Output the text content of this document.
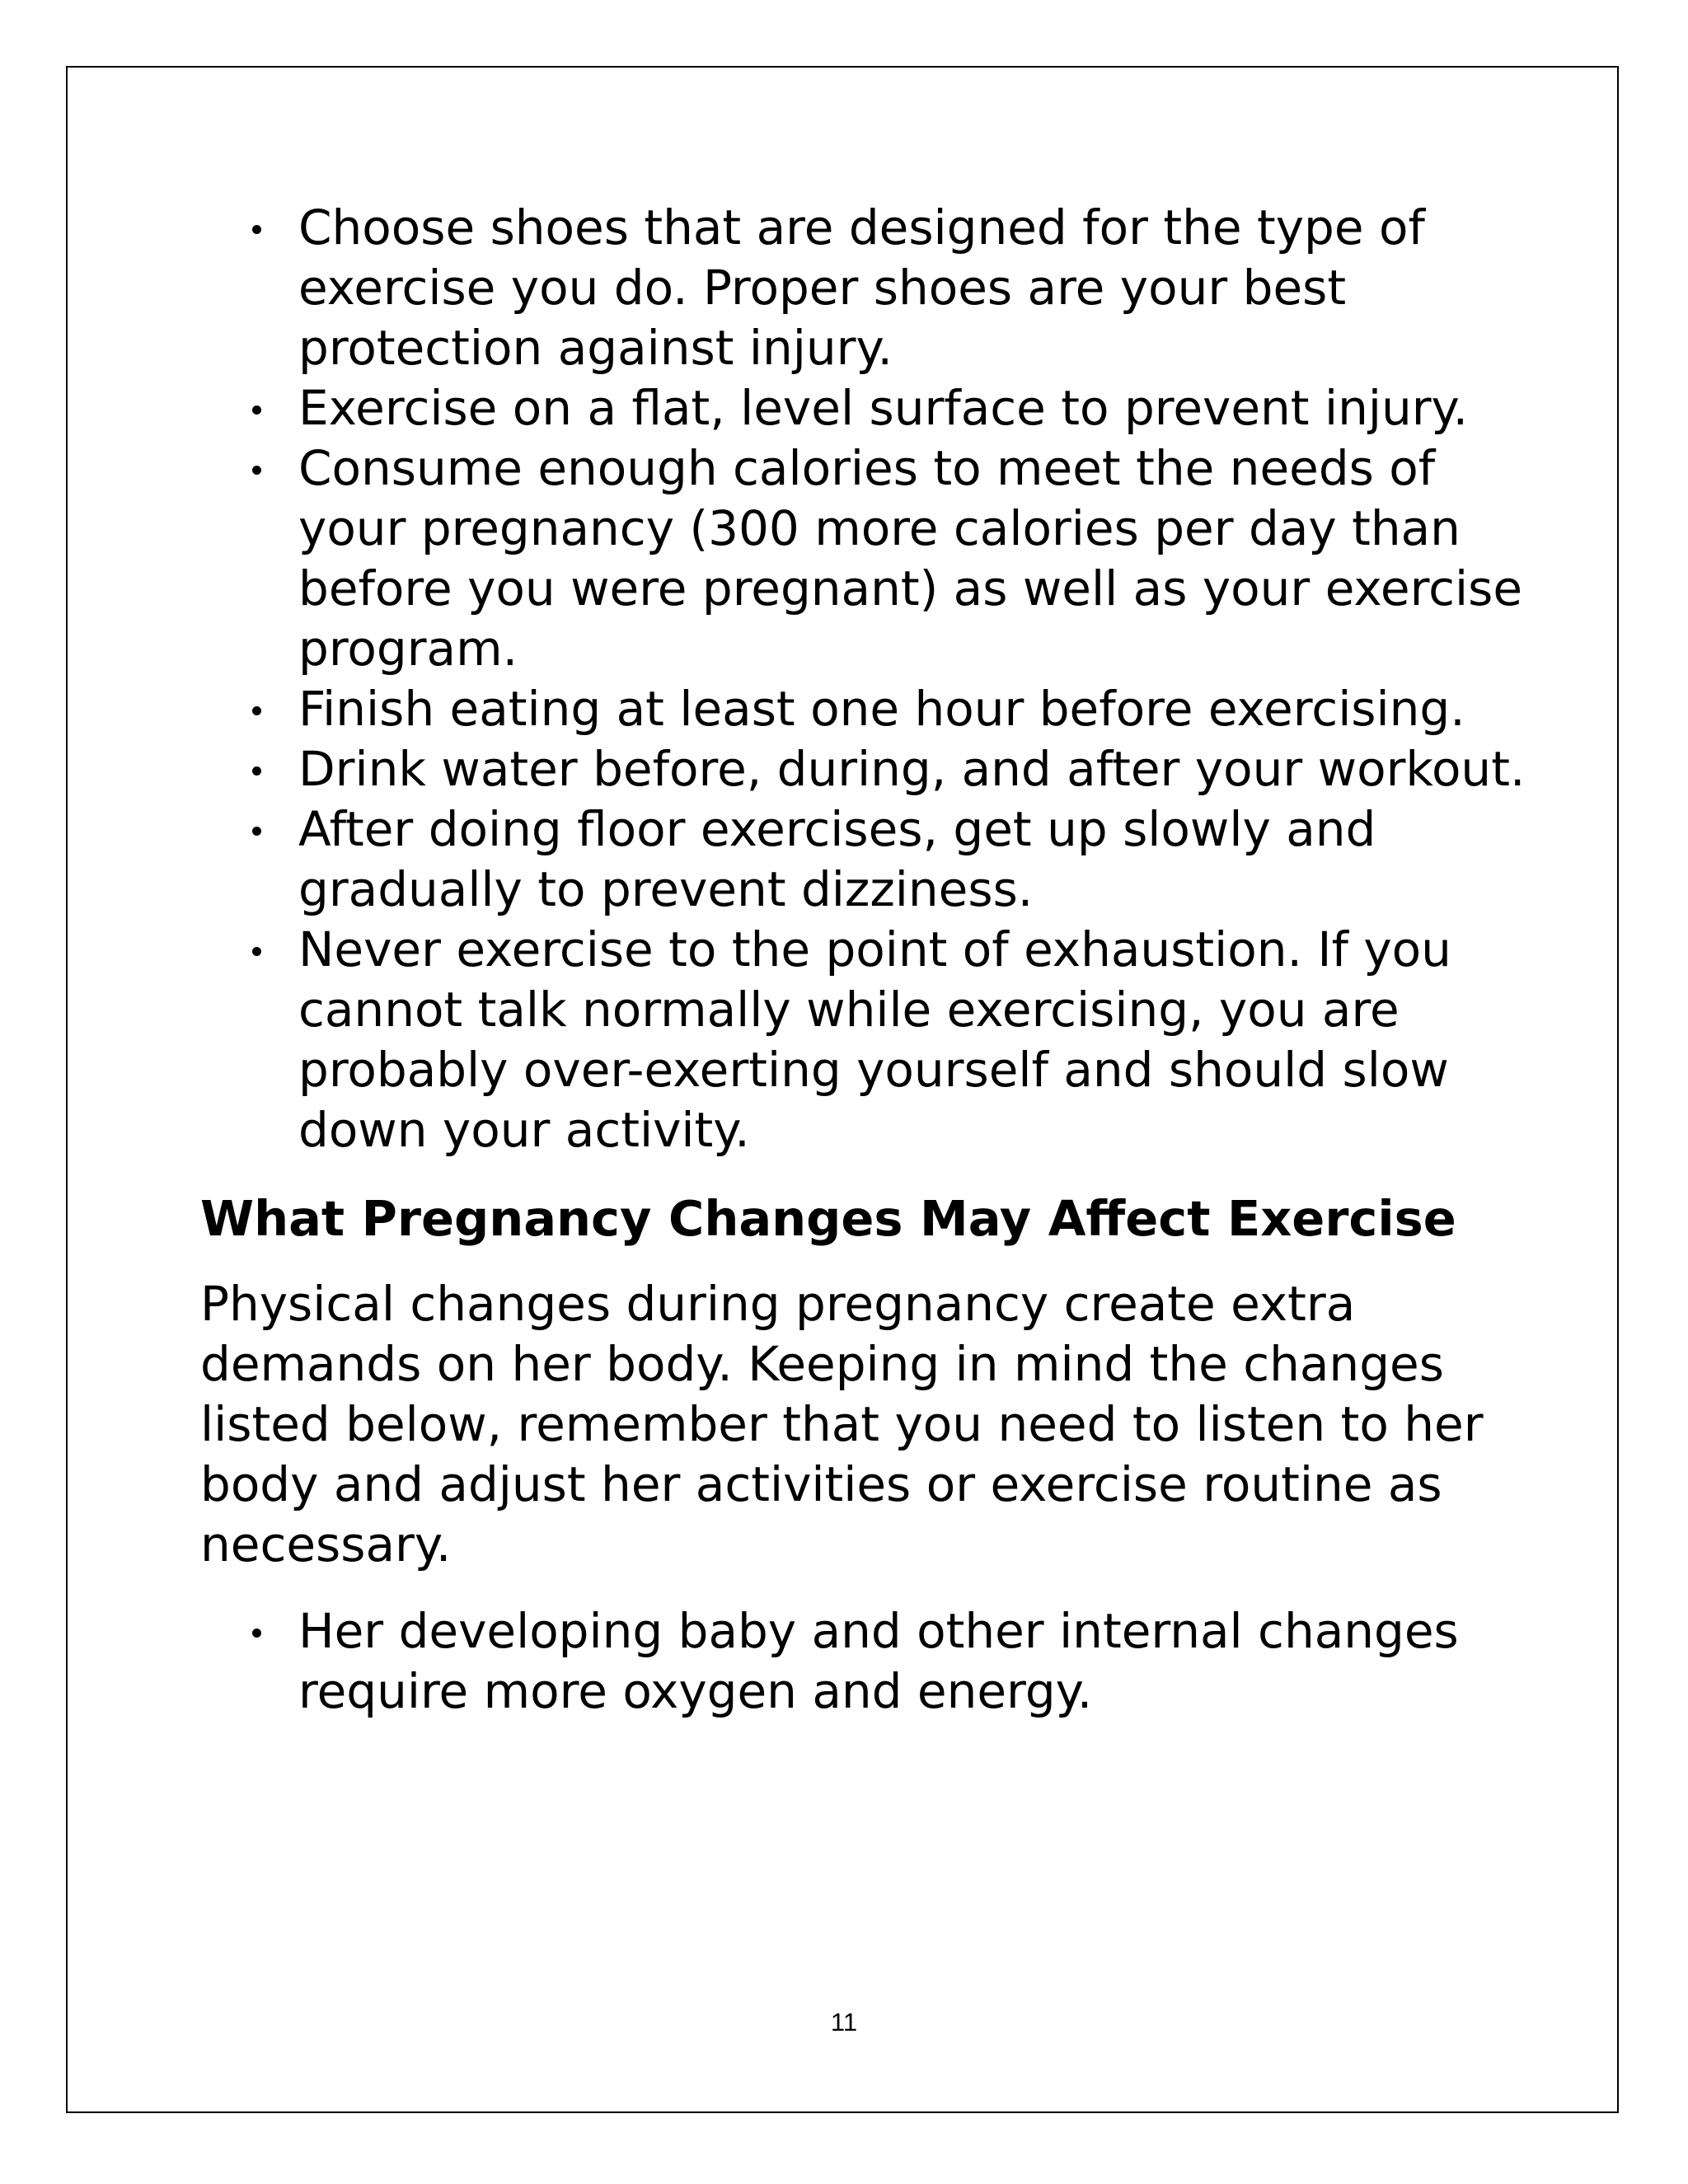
Choose shoes that are designed for the type of exercise you do. Proper shoes are your best protection against injury.
Exercise on a flat, level surface to prevent injury.
Consume enough calories to meet the needs of your pregnancy (300 more calories per day than before you were pregnant) as well as your exercise program.
Finish eating at least one hour before exercising.
Drink water before, during, and after your workout.
After doing floor exercises, get up slowly and gradually to prevent dizziness.
Never exercise to the point of exhaustion. If you cannot talk normally while exercising, you are probably over-exerting yourself and should slow down your activity.
What Pregnancy Changes May Affect Exercise

Physical changes during pregnancy create extra demands on her body. Keeping in mind the changes listed below, remember that you need to listen to her body and adjust her activities or exercise routine as necessary.

Her developing baby and other internal changes require more oxygen and energy.
11
